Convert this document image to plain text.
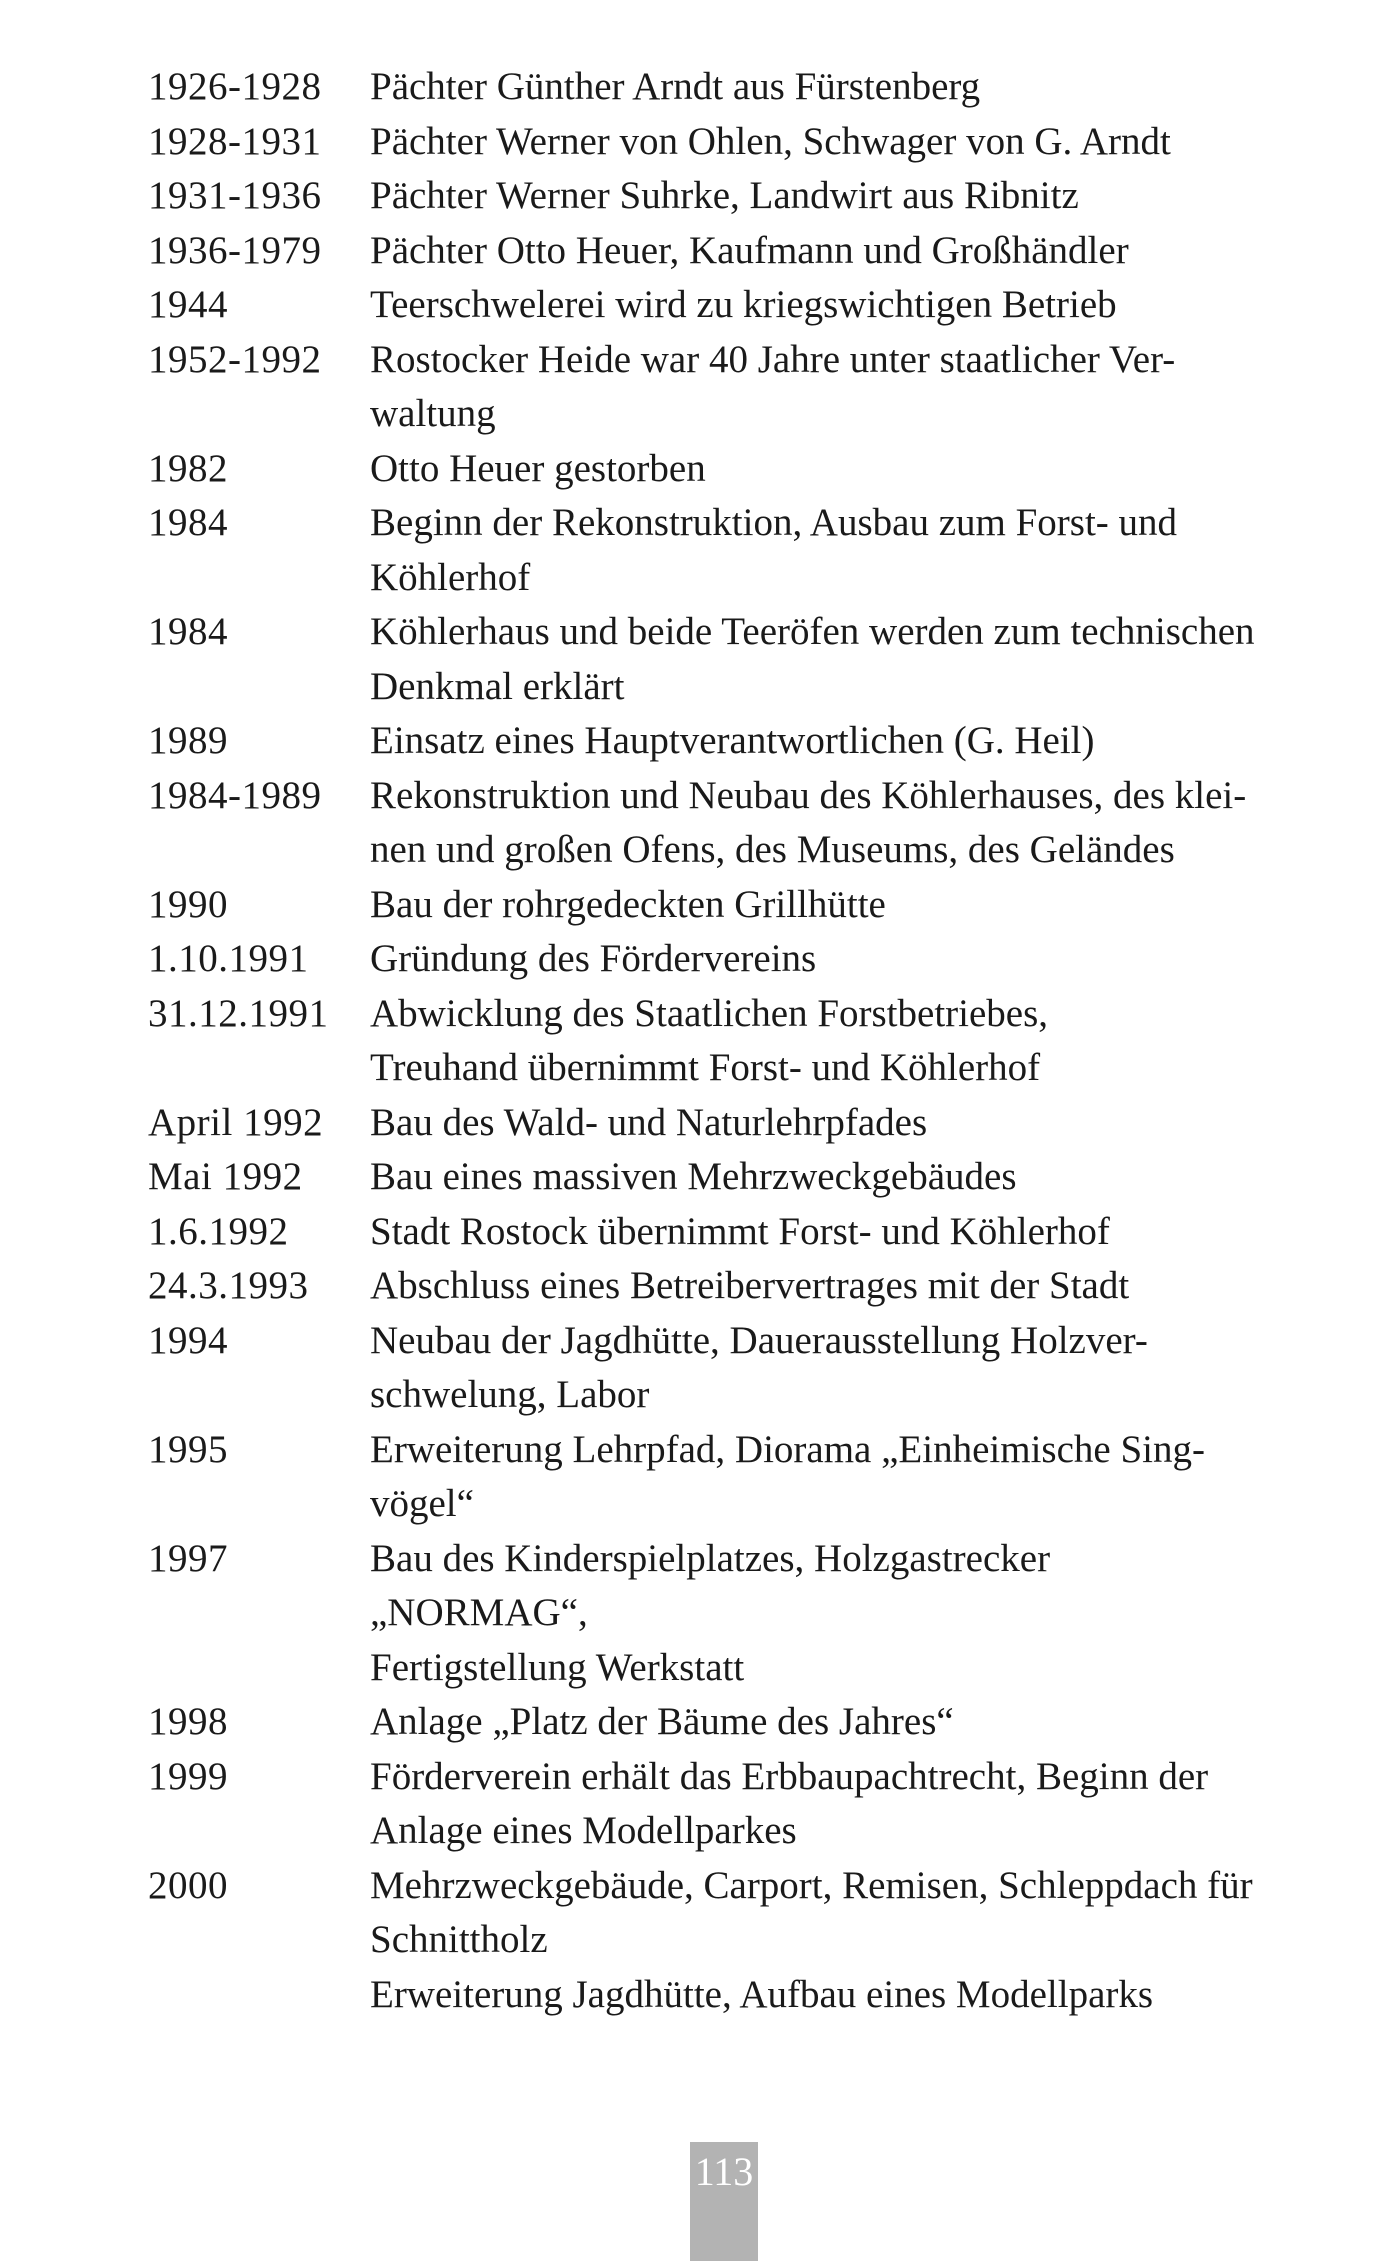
1926-1928	Pächter Günther Arndt aus Fürstenberg
1928-1931	Pächter Werner von Ohlen, Schwager von G. Arndt
1931-1936	Pächter Werner Suhrke, Landwirt aus Ribnitz
1936-1979	Pächter Otto Heuer, Kaufmann und Großhändler
1944	Teerschwelerei wird zu kriegswichtigen Betrieb
1952-1992	Rostocker Heide war 40 Jahre unter staatlicher Ver-
waltung
1982	Otto Heuer gestorben
1984	Beginn der Rekonstruktion, Ausbau zum Forst- und
Köhlerhof
1984	Köhlerhaus und beide Teeröfen werden zum technischen
Denkmal erklärt
1989	Einsatz eines Hauptverantwortlichen (G. Heil)
1984-1989	Rekonstruktion und Neubau des Köhlerhauses, des klei-
nen und großen Ofens, des Museums, des Geländes
1990	Bau der rohrgedeckten Grillhütte
1.10.1991	Gründung des Fördervereins
31.12.1991	Abwicklung des Staatlichen Forstbetriebes,
Treuhand übernimmt Forst- und Köhlerhof
April 1992	Bau des Wald- und Naturlehrpfades
Mai 1992	Bau eines massiven Mehrzweckgebäudes
1.6.1992	Stadt Rostock übernimmt Forst- und Köhlerhof
24.3.1993	Abschluss eines Betreibervertrages mit der Stadt
1994	Neubau der Jagdhütte, Dauerausstellung Holzver-
schwelung, Labor
1995	Erweiterung Lehrpfad, Diorama „Einheimische Sing-
vögel“
1997	Bau des Kinderspielplatzes, Holzgastrecker
„NORMAG“,
Fertigstellung Werkstatt
1998	Anlage „Platz der Bäume des Jahres“
1999	Förderverein erhält das Erbbaupachtrecht, Beginn der
Anlage eines Modellparkes
2000	Mehrzweckgebäude, Carport, Remisen, Schleppdach für
Schnittholz
Erweiterung Jagdhütte, Aufbau eines Modellparks
113
